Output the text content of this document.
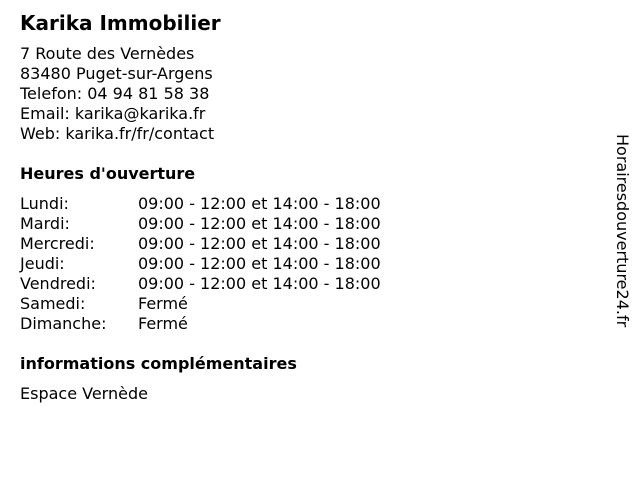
Karika Immobilier
7 Route des Vernèdes
83480 Puget-sur-Argens
Telefon: 04 94 81 58 38
Email: karika@karika.fr
Web: karika.fr/fr/contact
Heures d'ouverture
Lundi:	09:00 - 12:00 et 14:00 - 18:00
Mardi:	09:00 - 12:00 et 14:00 - 18:00
Mercredi:	09:00 - 12:00 et 14:00 - 18:00
Jeudi:	09:00 - 12:00 et 14:00 - 18:00
Vendredi:	09:00 - 12:00 et 14:00 - 18:00
Samedi:	Fermé
Dimanche:	Fermé
informations complémentaires
Espace Vernède
Horairesdouverture24.fr
